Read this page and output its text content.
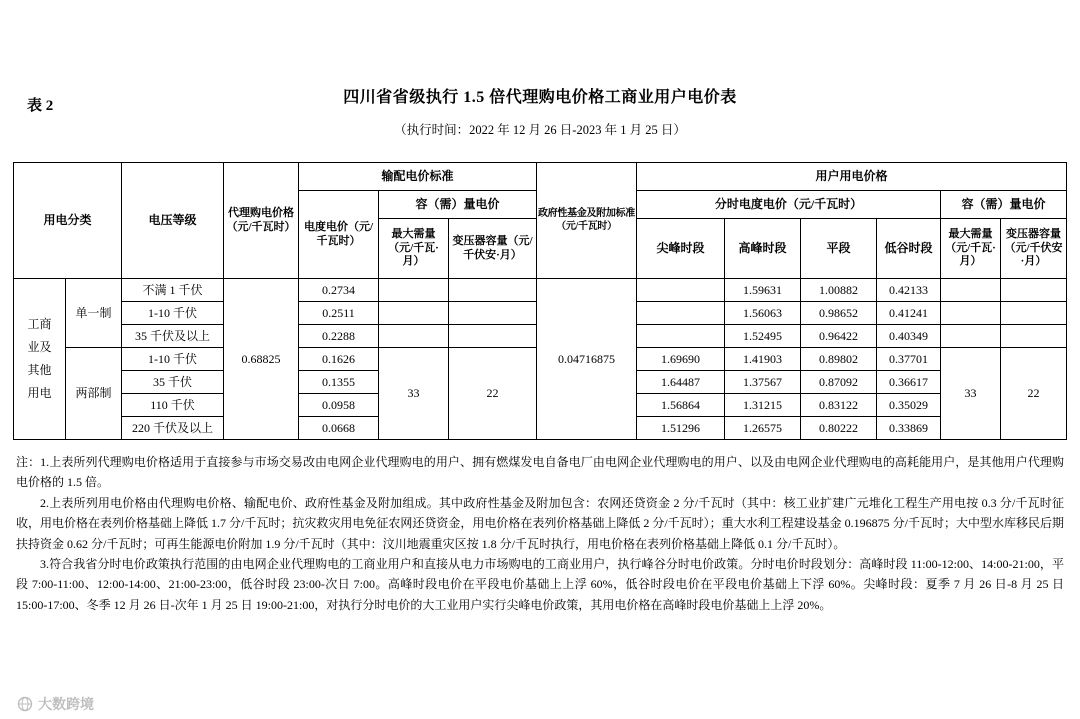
表 2	四川省省级执行 1.5 倍代理购电价格工商业用户电价表
（执行时间：2022 年 12 月 26 日-2023 年 1 月 25 日）
用电分类		电压等级	代理购电价格（元/千瓦时）	输配电价标准			政府性基金及附加标准（元/千瓦时）	用户用电价格					
				电度电价（元/千瓦时）	容（需）量电价			分时电度电价（元/千瓦时）				容（需）量电价	
					最大需量（元/千瓦·月）	变压器容量（元/千伏安·月）		尖峰时段	高峰时段	平段	低谷时段	最大需量（元/千瓦·月）	变压器容量（元/千伏安·月）
工商业及其他用电	单一制	不满 1 千伏	0.68825	0.2734			0.04716875		1.59631	1.00882	0.42133		
		1-10 千伏		0.2511					1.56063	0.98652	0.41241		
		35 千伏及以上		0.2288					1.52495	0.96422	0.40349		
	两部制	1-10 千伏		0.1626	33	22		1.69690	1.41903	0.89802	0.37701	33	22
		35 千伏		0.1355				1.64487	1.37567	0.87092	0.36617		
		110 千伏		0.0958				1.56864	1.31215	0.83122	0.35029		
		220 千伏及以上		0.0668				1.51296	1.26575	0.80222	0.33869		

注：1.上表所列代理购电价格适用于直接参与市场交易改由电网企业代理购电的用户、拥有燃煤发电自备电厂由电网企业代理购电的用户、以及由电网企业代理购电的高耗能用户，是其他用户代理购电价格的 1.5 倍。

2.上表所列用电价格由代理购电价格、输配电价、政府性基金及附加组成。其中政府性基金及附加包含：农网还贷资金 2 分/千瓦时（其中：核工业扩建广元堆化工程生产用电按 0.3 分/千瓦时征收，用电价格在表列价格基础上降低 1.7 分/千瓦时；抗灾救灾用电免征农网还贷资金，用电价格在表列价格基础上降低 2 分/千瓦时）；重大水利工程建设基金 0.196875 分/千瓦时；大中型水库移民后期扶持资金 0.62 分/千瓦时；可再生能源电价附加 1.9 分/千瓦时（其中：汶川地震重灾区按 1.8 分/千瓦时执行，用电价格在表列价格基础上降低 0.1 分/千瓦时）。

3.符合我省分时电价政策执行范围的由电网企业代理购电的工商业用户和直接从电力市场购电的工商业用户，执行峰谷分时电价政策。分时电价时段划分：高峰时段 11:00-12:00、14:00-21:00，平段 7:00-11:00、12:00-14:00、21:00-23:00，低谷时段 23:00-次日 7:00。高峰时段电价在平段电价基础上上浮 60%，低谷时段电价在平段电价基础上下浮 60%。尖峰时段：夏季 7 月 26 日-8 月 25 日 15:00-17:00、冬季 12 月 26 日-次年 1 月 25 日 19:00-21:00，对执行分时电价的大工业用户实行尖峰电价政策，其用电价格在高峰时段电价基础上上浮 20%。

大数跨境
